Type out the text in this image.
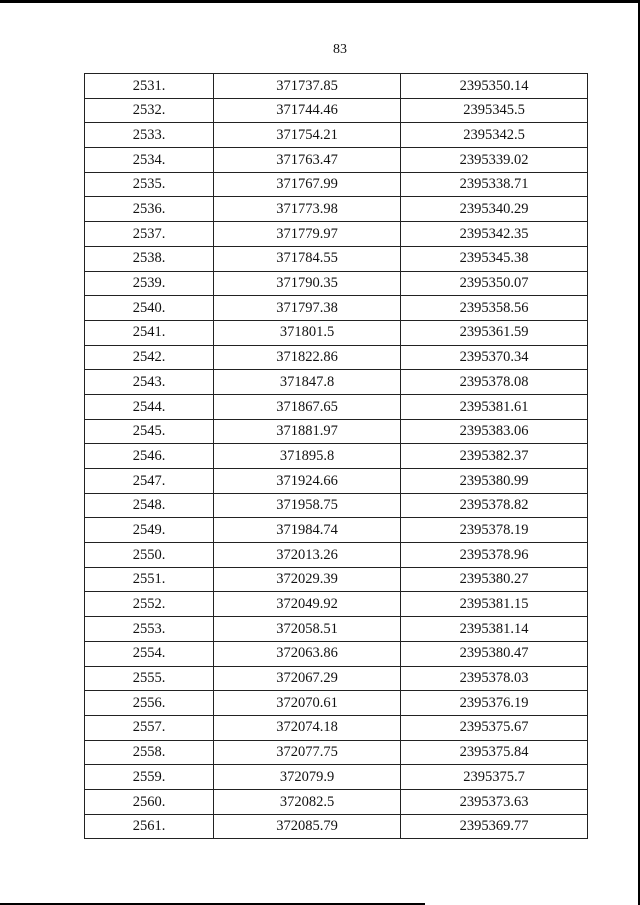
83
2531.	371737.85	2395350.14
2532.	371744.46	2395345.5
2533.	371754.21	2395342.5
2534.	371763.47	2395339.02
2535.	371767.99	2395338.71
2536.	371773.98	2395340.29
2537.	371779.97	2395342.35
2538.	371784.55	2395345.38
2539.	371790.35	2395350.07
2540.	371797.38	2395358.56
2541.	371801.5	2395361.59
2542.	371822.86	2395370.34
2543.	371847.8	2395378.08
2544.	371867.65	2395381.61
2545.	371881.97	2395383.06
2546.	371895.8	2395382.37
2547.	371924.66	2395380.99
2548.	371958.75	2395378.82
2549.	371984.74	2395378.19
2550.	372013.26	2395378.96
2551.	372029.39	2395380.27
2552.	372049.92	2395381.15
2553.	372058.51	2395381.14
2554.	372063.86	2395380.47
2555.	372067.29	2395378.03
2556.	372070.61	2395376.19
2557.	372074.18	2395375.67
2558.	372077.75	2395375.84
2559.	372079.9	2395375.7
2560.	372082.5	2395373.63
2561.	372085.79	2395369.77
